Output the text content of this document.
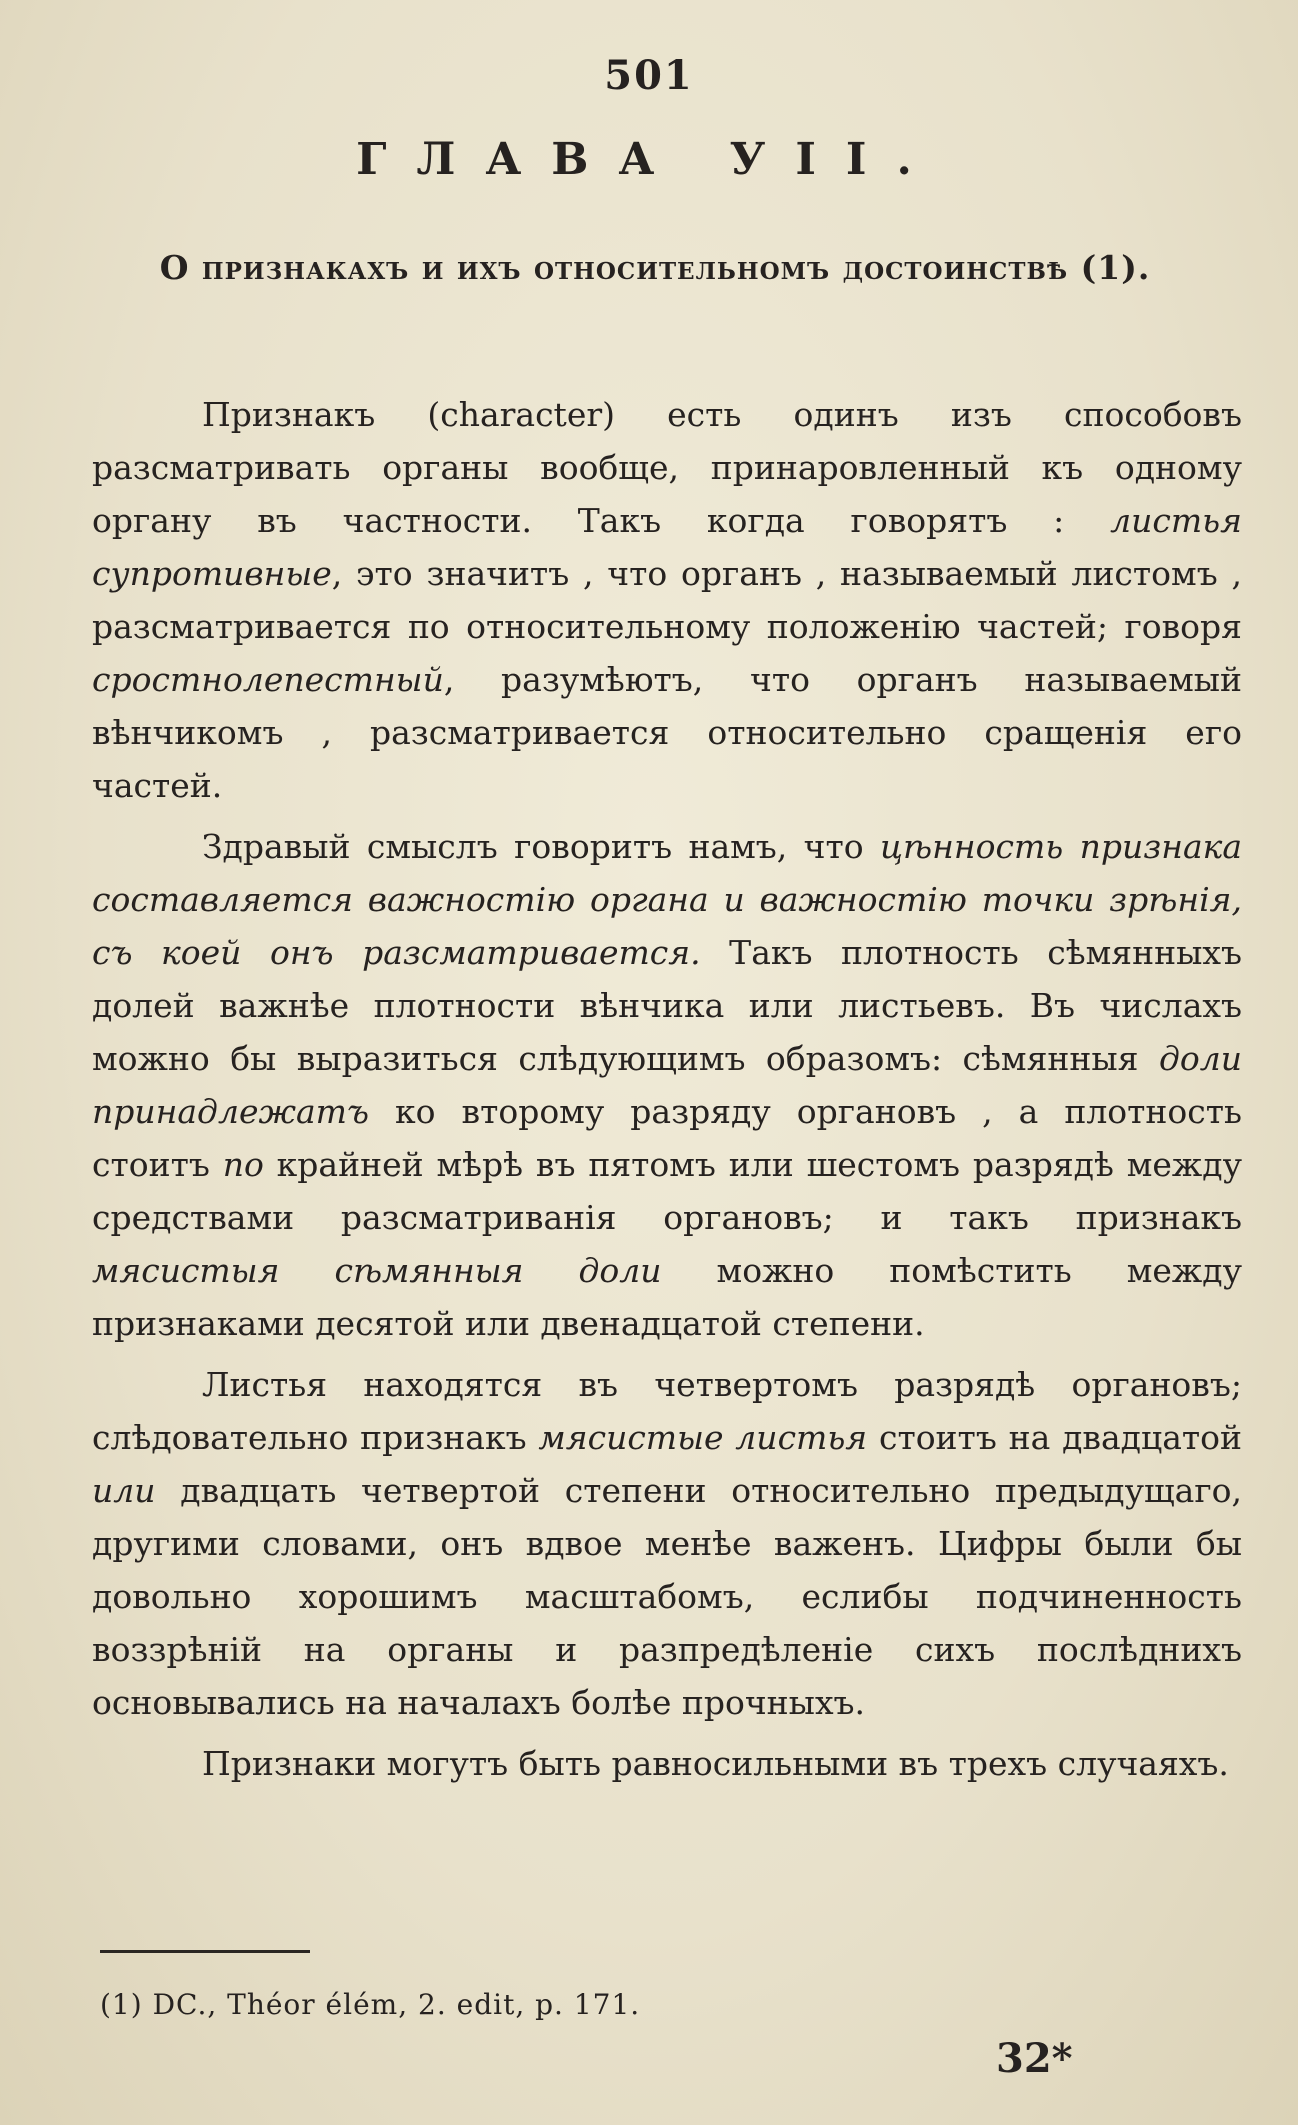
501
ГЛАВА УII.
О признакахъ и ихъ относительномъ достоинствѣ (1).

Признакъ (character) есть одинъ изъ способовъ разсматривать органы вообще, принаровленный къ одному органу въ частности. Такъ когда говорятъ : листья супротивные, это значитъ , что органъ , называемый листомъ , разсматривается по относительному положенію частей; говоря сростнолепестный, разумѣютъ, что органъ называемый вѣнчикомъ , разсматривается относительно сращенія его частей.

Здравый смыслъ говоритъ намъ, что цѣнность признака составляется важностію органа и важностію точки зрѣнія, съ коей онъ разсматривается. Такъ плотность сѣмянныхъ долей важнѣе плотности вѣнчика или листьевъ. Въ числахъ можно бы выразиться слѣдующимъ образомъ: сѣмянныя доли принадлежатъ ко второму разряду органовъ , а плотность стоитъ по крайней мѣрѣ въ пятомъ или шестомъ разрядѣ между средствами разсматриванія органовъ; и такъ признакъ мясистыя сѣмянныя доли можно помѣстить между признаками десятой или двенадцатой степени.

Листья находятся въ четвертомъ разрядѣ органовъ; слѣдовательно признакъ мясистые листья стоитъ на двадцатой или двадцать четвертой степени относительно предыдущаго, другими словами, онъ вдвое менѣе важенъ. Цифры были бы довольно хорошимъ масштабомъ, еслибы подчиненность воззрѣній на органы и разпредѣленіе сихъ послѣднихъ основывались на началахъ болѣе прочныхъ.

Признаки могутъ быть равносильными въ трехъ случаяхъ.

(1) DC., Théor élém, 2. edit, p. 171.
32*
